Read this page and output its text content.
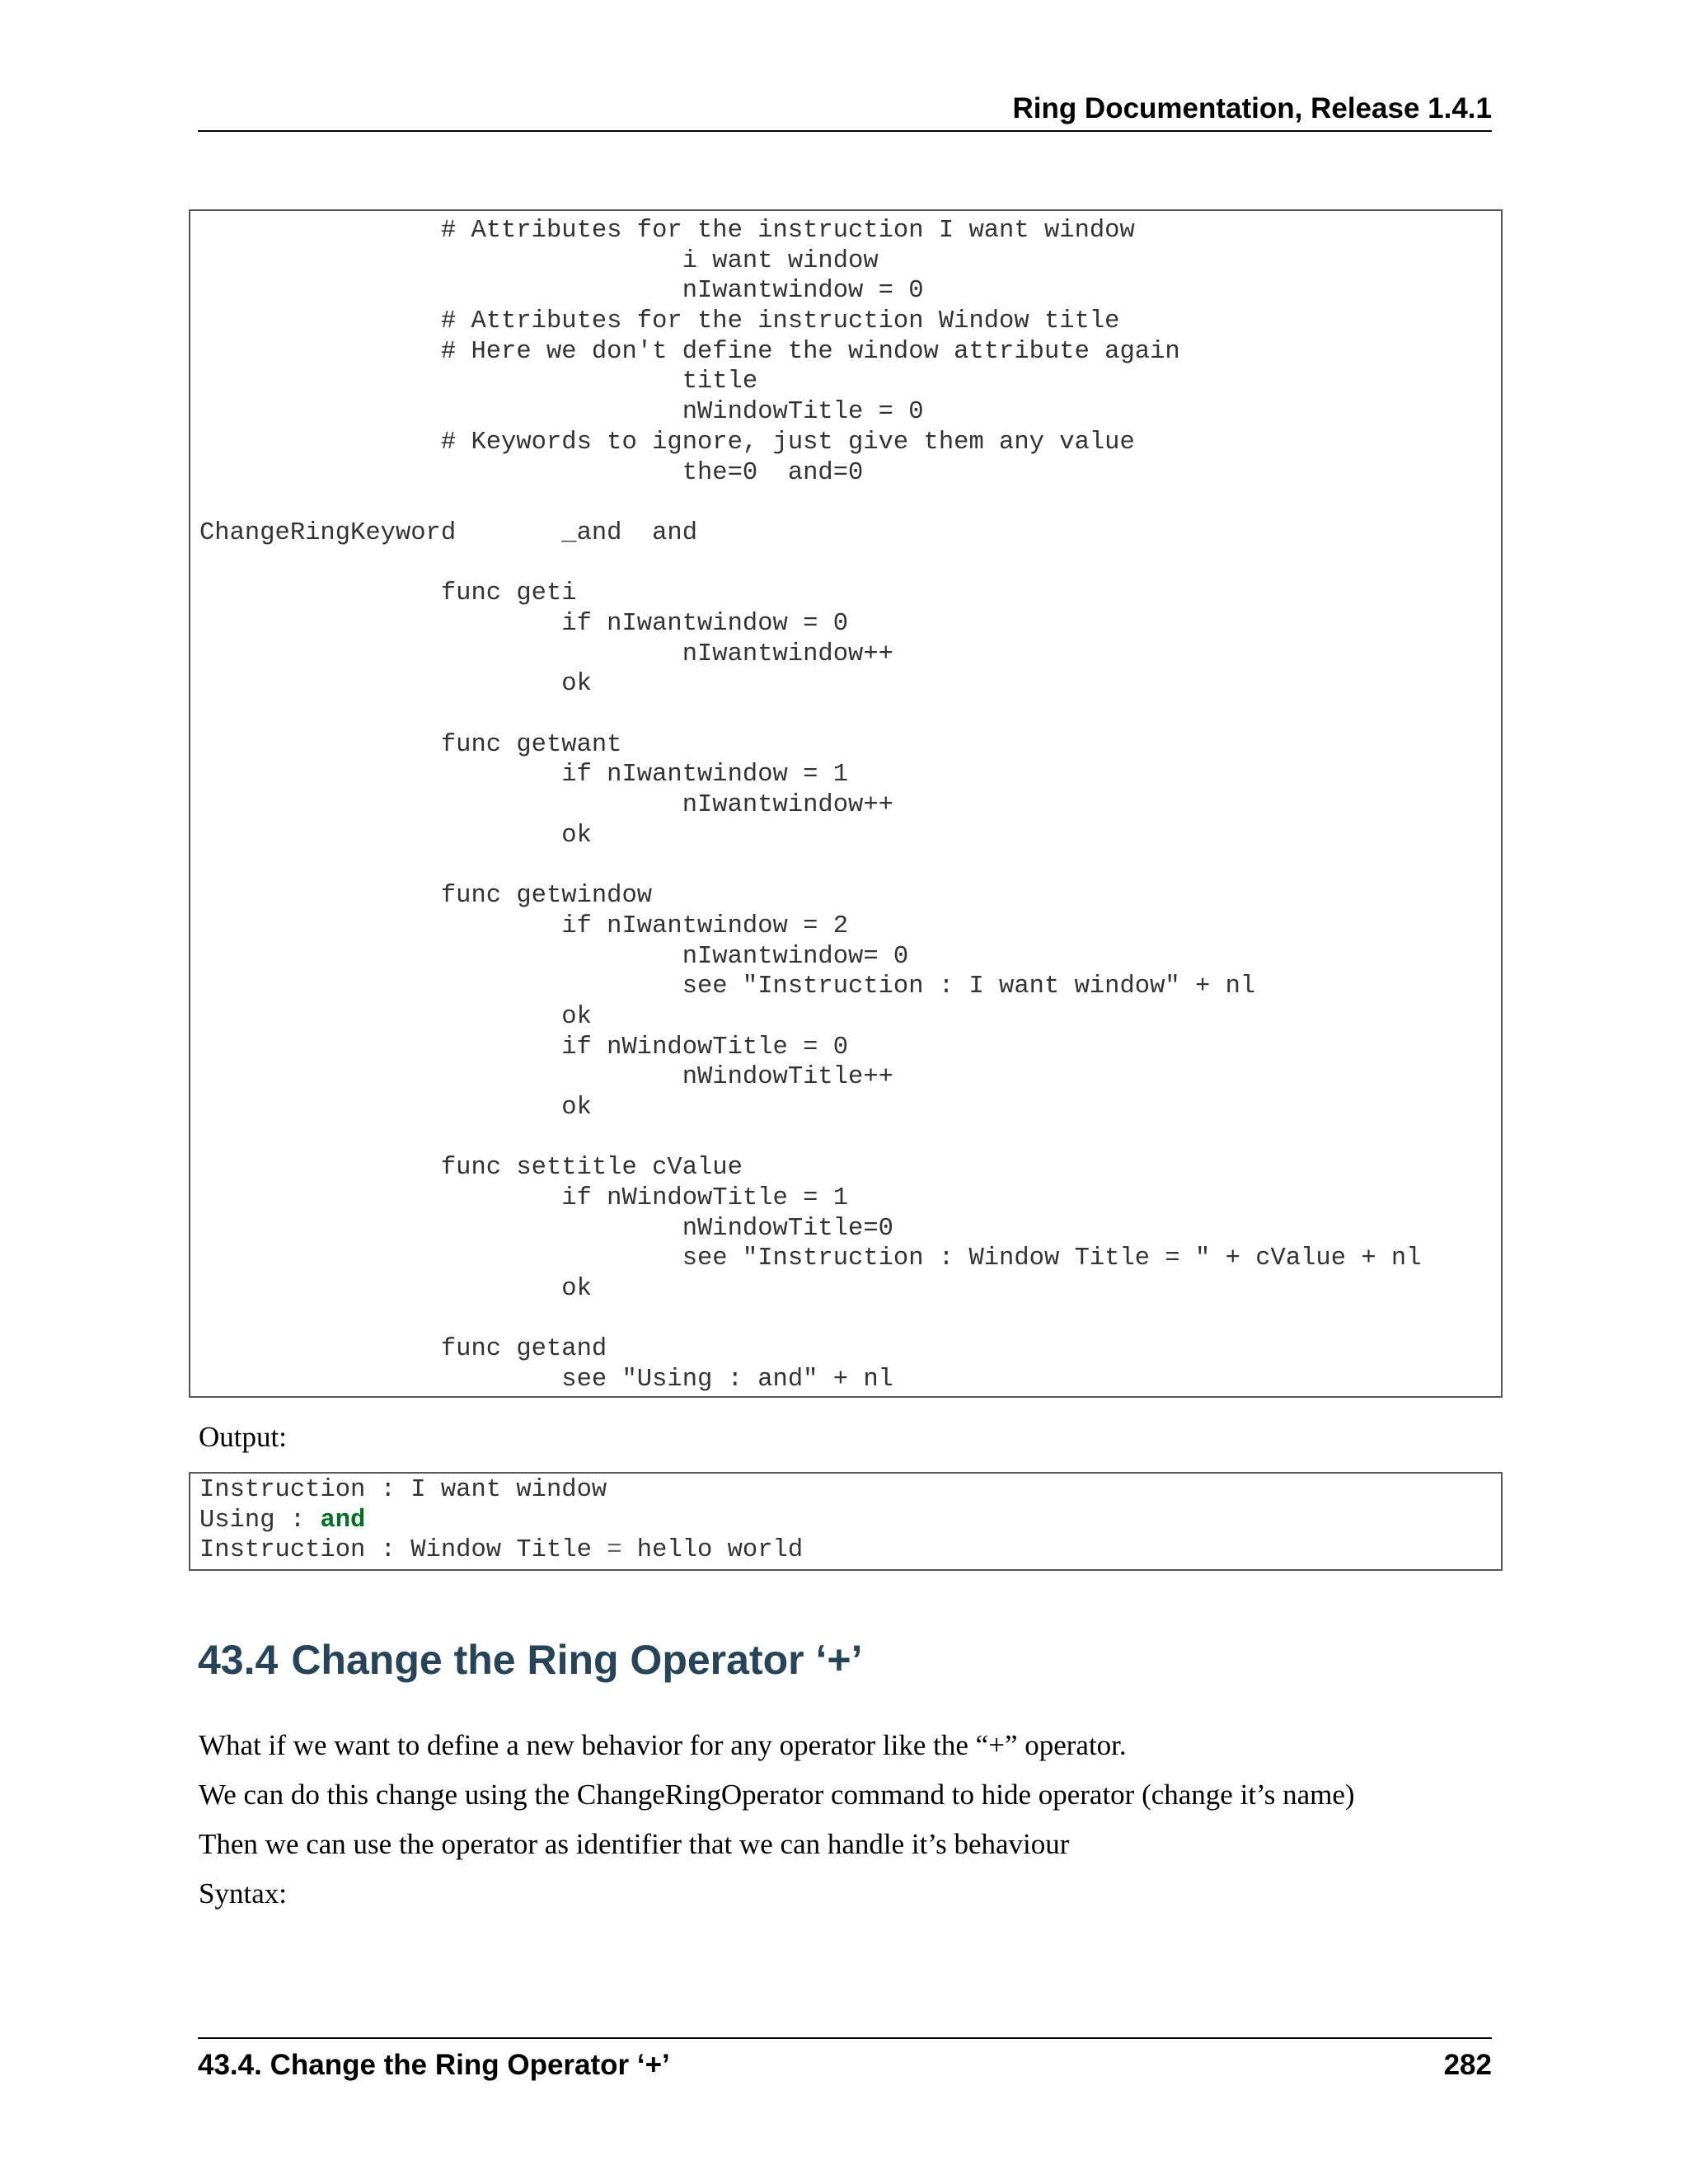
Ring Documentation, Release 1.4.1
# Attributes for the instruction I want window
i want window
nIwantwindow = 0
# Attributes for the instruction Window title
# Here we don't define the window attribute again
title
nWindowTitle = 0
# Keywords to ignore, just give them any value
the=0  and=0
ChangeRingKeyword       _and  and
func geti
if nIwantwindow = 0
nIwantwindow++
ok
func getwant
if nIwantwindow = 1
nIwantwindow++
ok
func getwindow
if nIwantwindow = 2
nIwantwindow= 0
see "Instruction : I want window" + nl
ok
if nWindowTitle = 0
nWindowTitle++
ok
func settitle cValue
if nWindowTitle = 1
nWindowTitle=0
see "Instruction : Window Title = " + cValue + nl
ok
func getand
see "Using : and" + nl
Output:
Instruction : I want window
Using : and
Instruction : Window Title = hello world
43.4 Change the Ring Operator ‘+’
What if we want to define a new behavior for any operator like the “+” operator.
We can do this change using the ChangeRingOperator command to hide operator (change it’s name)
Then we can use the operator as identifier that we can handle it’s behaviour
Syntax:
43.4. Change the Ring Operator ‘+’	282
